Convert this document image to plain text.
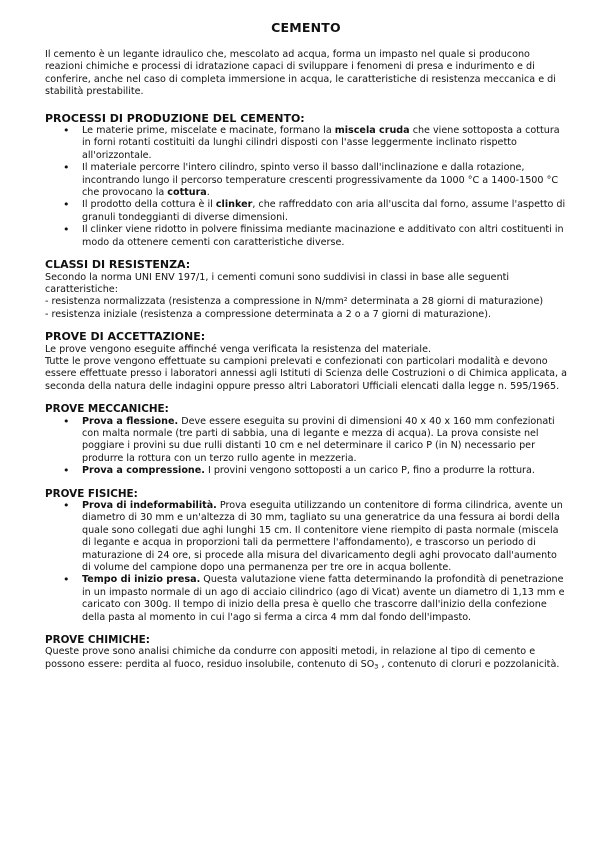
CEMENTO

Il cemento è un legante idraulico che, mescolato ad acqua, forma un impasto nel quale si producono reazioni chimiche e processi di idratazione capaci di sviluppare i fenomeni di presa e indurimento e di conferire, anche nel caso di completa immersione in acqua, le caratteristiche di resistenza meccanica e di stabilità prestabilite.

PROCESSI DI PRODUZIONE DEL CEMENTO:
• Le materie prime, miscelate e macinate, formano la miscela cruda che viene sottoposta a cottura in forni rotanti costituiti da lunghi cilindri disposti con l'asse leggermente inclinato rispetto all'orizzontale.
• Il materiale percorre l'intero cilindro, spinto verso il basso dall'inclinazione e dalla rotazione, incontrando lungo il percorso temperature crescenti progressivamente da 1000 °C a 1400-1500 °C che provocano la cottura.
• Il prodotto della cottura è il clinker, che raffreddato con aria all'uscita dal forno, assume l'aspetto di granuli tondeggianti di diverse dimensioni.
• Il clinker viene ridotto in polvere finissima mediante macinazione e additivato con altri costituenti in modo da ottenere cementi con caratteristiche diverse.
CLASSI DI RESISTENZA:

Secondo la norma UNI ENV 197/1, i cementi comuni sono suddivisi in classi in base alle seguenti caratteristiche:

- resistenza normalizzata (resistenza a compressione in N/mm² determinata a 28 giorni di maturazione)

- resistenza iniziale (resistenza a compressione determinata a 2 o a 7 giorni di maturazione).

PROVE DI ACCETTAZIONE:

Le prove vengono eseguite affinché venga verificata la resistenza del materiale.

Tutte le prove vengono effettuate su campioni prelevati e confezionati con particolari modalità e devono essere effettuate presso i laboratori annessi agli Istituti di Scienza delle Costruzioni o di Chimica applicata, a seconda della natura delle indagini oppure presso altri Laboratori Ufficiali elencati dalla legge n. 595/1965.

PROVE MECCANICHE:
• Prova a flessione. Deve essere eseguita su provini di dimensioni 40 x 40 x 160 mm confezionati con malta normale (tre parti di sabbia, una di legante e mezza di acqua). La prova consiste nel poggiare i provini su due rulli distanti 10 cm e nel determinare il carico P (in N) necessario per produrre la rottura con un terzo rullo agente in mezzeria.
• Prova a compressione. I provini vengono sottoposti a un carico P, fino a produrre la rottura.
PROVE FISICHE:
• Prova di indeformabilità. Prova eseguita utilizzando un contenitore di forma cilindrica, avente un diametro di 30 mm e un'altezza di 30 mm, tagliato su una generatrice da una fessura ai bordi della quale sono collegati due aghi lunghi 15 cm. Il contenitore viene riempito di pasta normale (miscela di legante e acqua in proporzioni tali da permettere l'affondamento), e trascorso un periodo di maturazione di 24 ore, si procede alla misura del divaricamento degli aghi provocato dall'aumento di volume del campione dopo una permanenza per tre ore in acqua bollente.
• Tempo di inizio presa. Questa valutazione viene fatta determinando la profondità di penetrazione in un impasto normale di un ago di acciaio cilindrico (ago di Vicat) avente un diametro di 1,13 mm e caricato con 300g. Il tempo di inizio della presa è quello che trascorre dall'inizio della confezione della pasta al momento in cui l'ago si ferma a circa 4 mm dal fondo dell'impasto.
PROVE CHIMICHE:

Queste prove sono analisi chimiche da condurre con appositi metodi, in relazione al tipo di cemento e possono essere: perdita al fuoco, residuo insolubile, contenuto di $SO_3$ , contenuto di cloruri e pozzolanicità.
